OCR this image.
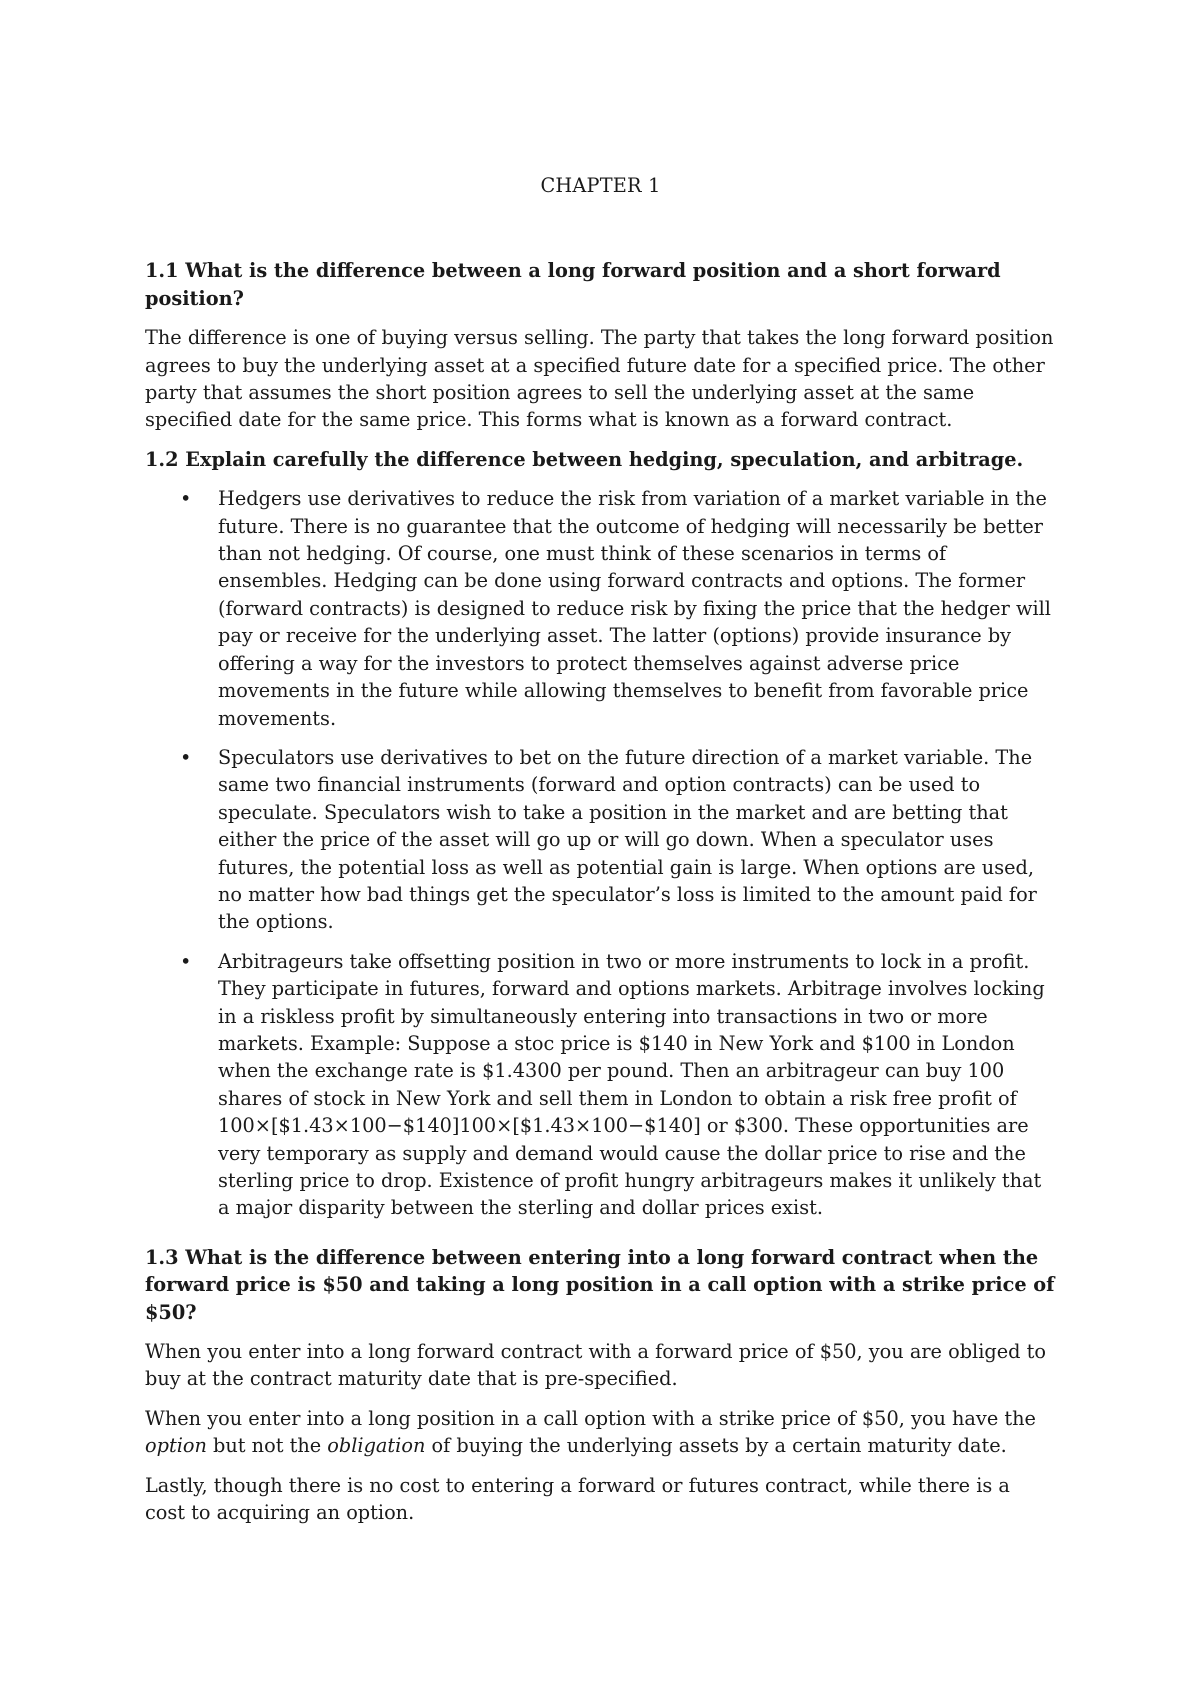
CHAPTER 1
1.1 What is the difference between a long forward position and a short forward position?

The difference is one of buying versus selling. The party that takes the long forward position agrees to buy the underlying asset at a specified future date for a specified price. The other party that assumes the short position agrees to sell the underlying asset at the same specified date for the same price. This forms what is known as a forward contract.

1.2 Explain carefully the difference between hedging, speculation, and arbitrage.
• Hedgers use derivatives to reduce the risk from variation of a market variable in the future. There is no guarantee that the outcome of hedging will necessarily be better than not hedging. Of course, one must think of these scenarios in terms of ensembles. Hedging can be done using forward contracts and options. The former (forward contracts) is designed to reduce risk by fixing the price that the hedger will pay or receive for the underlying asset. The latter (options) provide insurance by offering a way for the investors to protect themselves against adverse price movements in the future while allowing themselves to benefit from favorable price movements.
• Speculators use derivatives to bet on the future direction of a market variable. The same two financial instruments (forward and option contracts) can be used to speculate. Speculators wish to take a position in the market and are betting that either the price of the asset will go up or will go down. When a speculator uses futures, the potential loss as well as potential gain is large. When options are used, no matter how bad things get the speculator’s loss is limited to the amount paid for the options.
• Arbitrageurs take offsetting position in two or more instruments to lock in a profit. They participate in futures, forward and options markets. Arbitrage involves locking in a riskless profit by simultaneously entering into transactions in two or more markets. Example: Suppose a stoc price is $140 in New York and $100 in London when the exchange rate is $1.4300 per pound. Then an arbitrageur can buy 100 shares of stock in New York and sell them in London to obtain a risk free profit of 100×[$1.43×100−$140]100×[$1.43×100−$140] or $300. These opportunities are very temporary as supply and demand would cause the dollar price to rise and the sterling price to drop. Existence of profit hungry arbitrageurs makes it unlikely that a major disparity between the sterling and dollar prices exist.
1.3 What is the difference between entering into a long forward contract when the forward price is $50 and taking a long position in a call option with a strike price of $50?

When you enter into a long forward contract with a forward price of $50, you are obliged to buy at the contract maturity date that is pre-specified.

When you enter into a long position in a call option with a strike price of $50, you have the option but not the obligation of buying the underlying assets by a certain maturity date.

Lastly, though there is no cost to entering a forward or futures contract, while there is a cost to acquiring an option.
